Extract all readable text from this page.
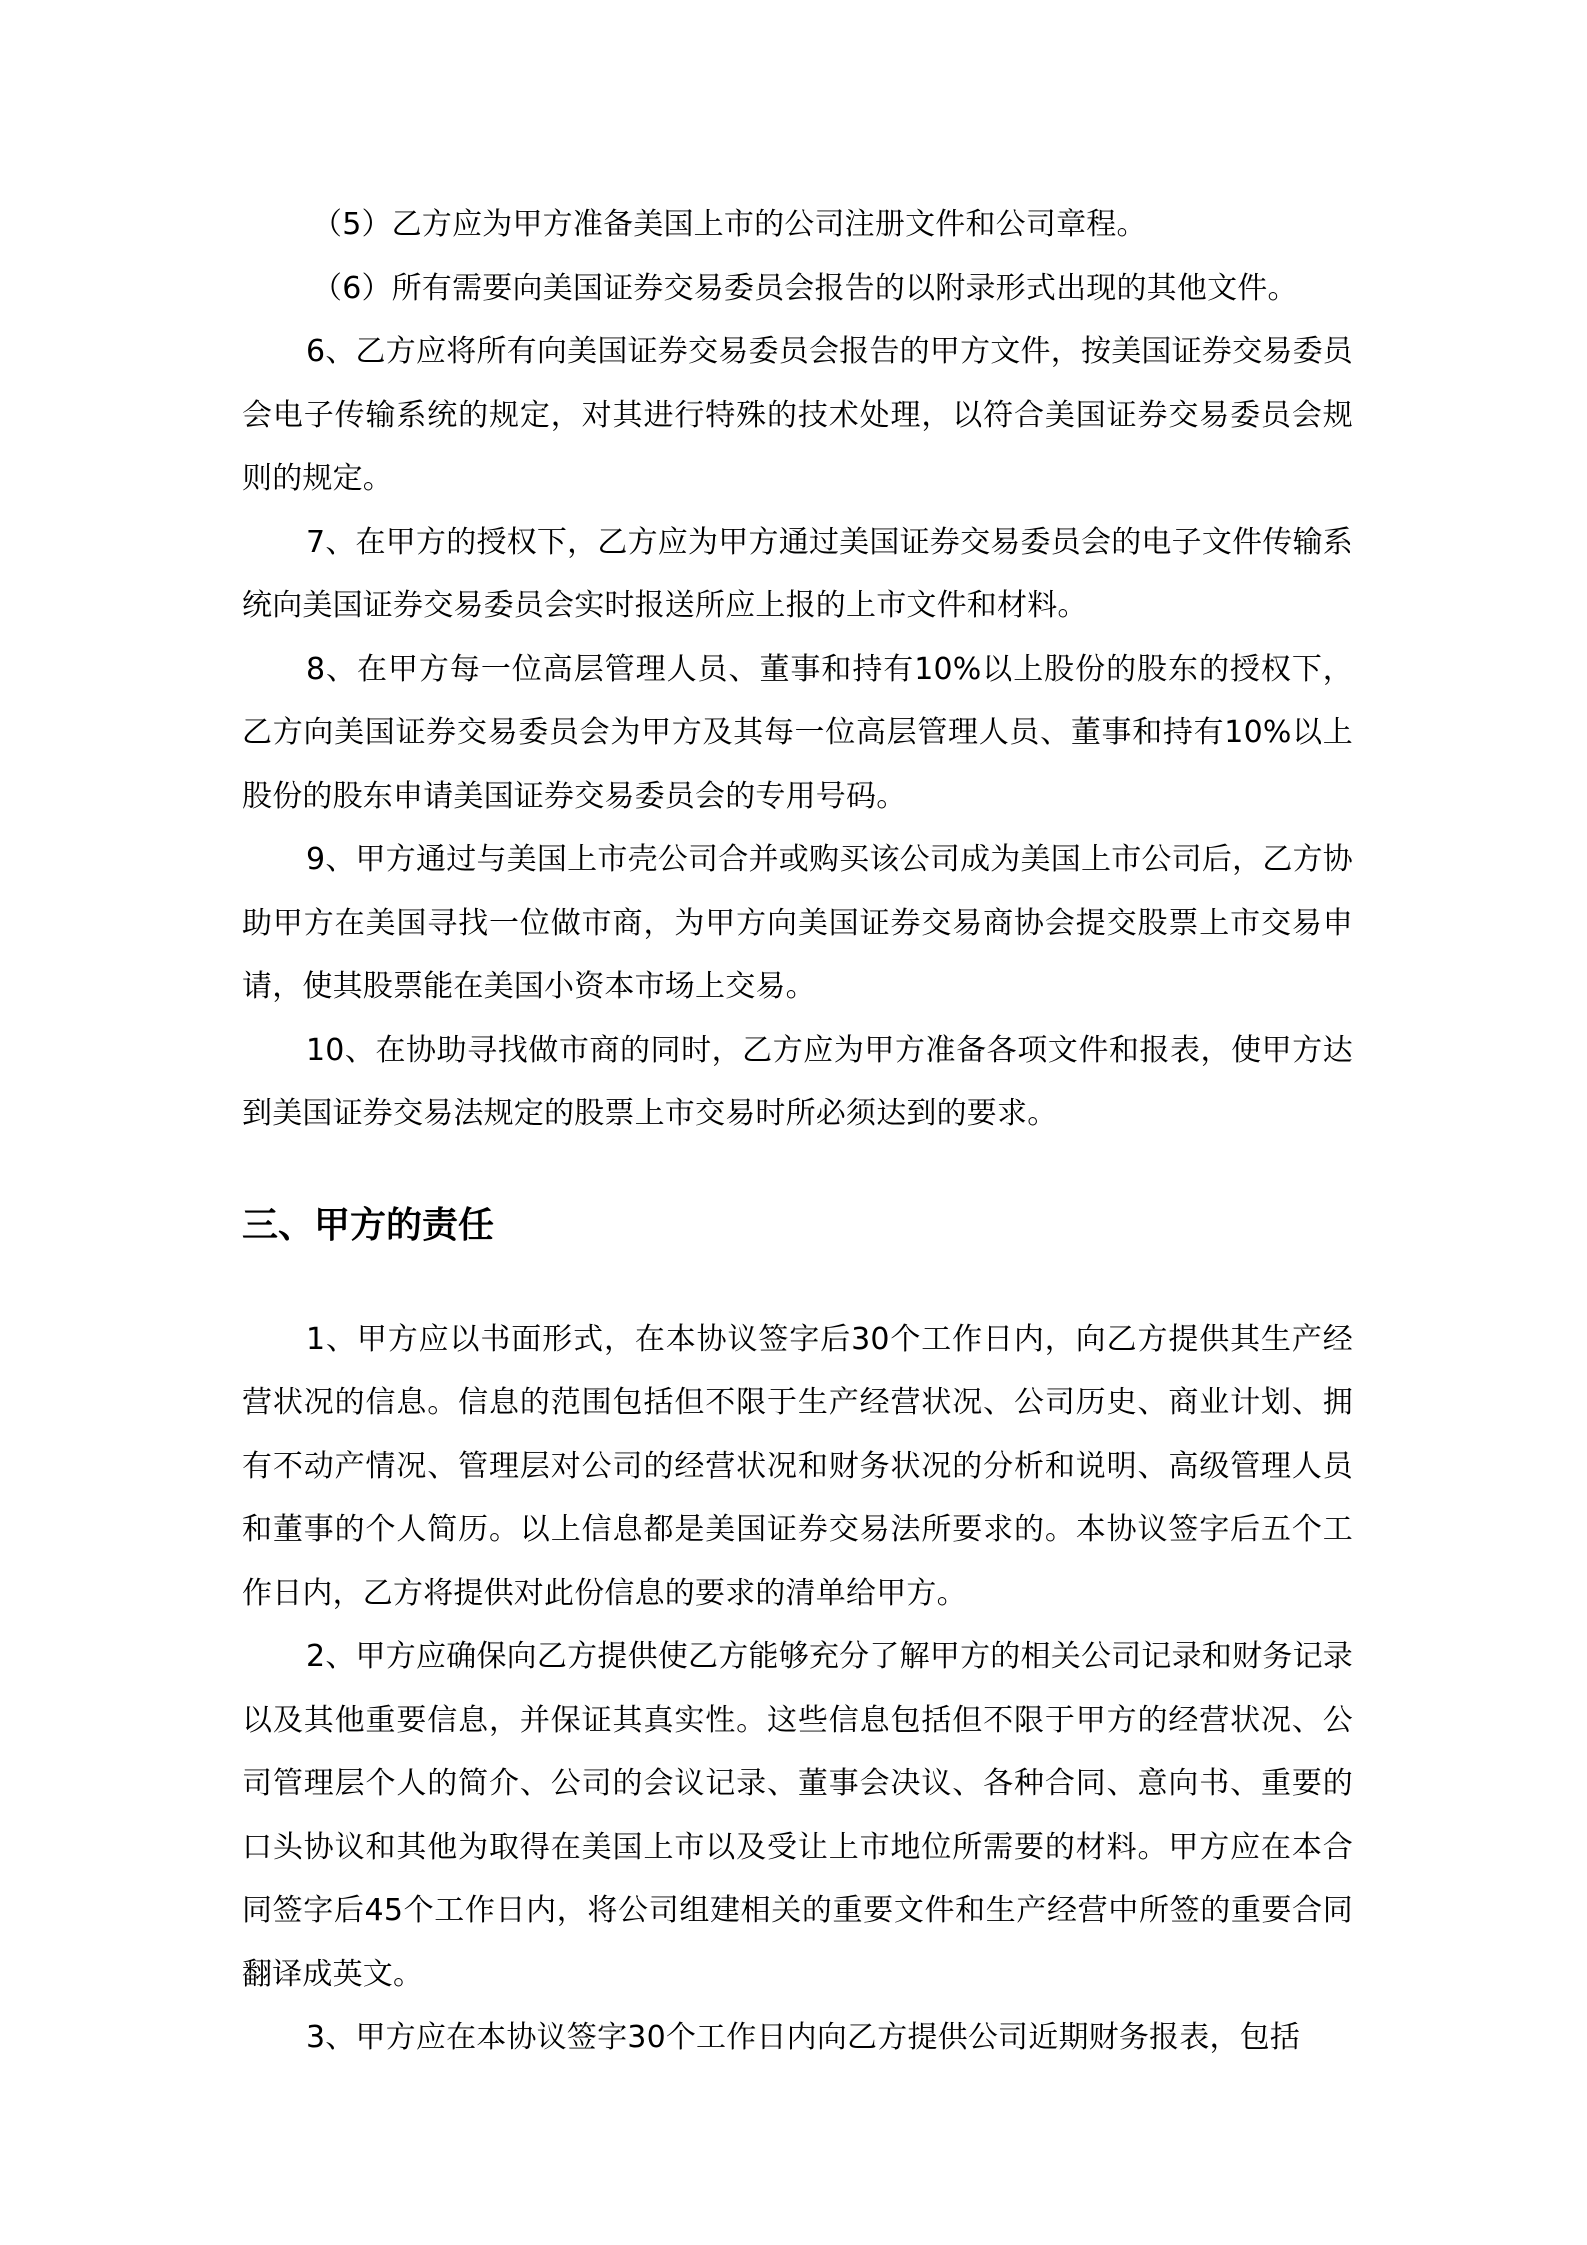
（5）乙方应为甲方准备美国上市的公司注册文件和公司章程。

（6）所有需要向美国证券交易委员会报告的以附录形式出现的其他文件。

6、乙方应将所有向美国证券交易委员会报告的甲方文件，按美国证券交易委员会电子传输系统的规定，对其进行特殊的技术处理，以符合美国证券交易委员会规则的规定。

7、在甲方的授权下，乙方应为甲方通过美国证券交易委员会的电子文件传输系统向美国证券交易委员会实时报送所应上报的上市文件和材料。

8、在甲方每一位高层管理人员、董事和持有10%以上股份的股东的授权下，乙方向美国证券交易委员会为甲方及其每一位高层管理人员、董事和持有10%以上股份的股东申请美国证券交易委员会的专用号码。

9、甲方通过与美国上市壳公司合并或购买该公司成为美国上市公司后，乙方协助甲方在美国寻找一位做市商，为甲方向美国证券交易商协会提交股票上市交易申请，使其股票能在美国小资本市场上交易。

10、在协助寻找做市商的同时，乙方应为甲方准备各项文件和报表，使甲方达到美国证券交易法规定的股票上市交易时所必须达到的要求。

三、甲方的责任

1、甲方应以书面形式，在本协议签字后30个工作日内，向乙方提供其生产经营状况的信息。信息的范围包括但不限于生产经营状况、公司历史、商业计划、拥有不动产情况、管理层对公司的经营状况和财务状况的分析和说明、高级管理人员和董事的个人简历。以上信息都是美国证券交易法所要求的。本协议签字后五个工作日内，乙方将提供对此份信息的要求的清单给甲方。

2、甲方应确保向乙方提供使乙方能够充分了解甲方的相关公司记录和财务记录以及其他重要信息，并保证其真实性。这些信息包括但不限于甲方的经营状况、公司管理层个人的简介、公司的会议记录、董事会决议、各种合同、意向书、重要的口头协议和其他为取得在美国上市以及受让上市地位所需要的材料。甲方应在本合同签字后45个工作日内，将公司组建相关的重要文件和生产经营中所签的重要合同翻译成英文。

3、甲方应在本协议签字30个工作日内向乙方提供公司近期财务报表，包括
